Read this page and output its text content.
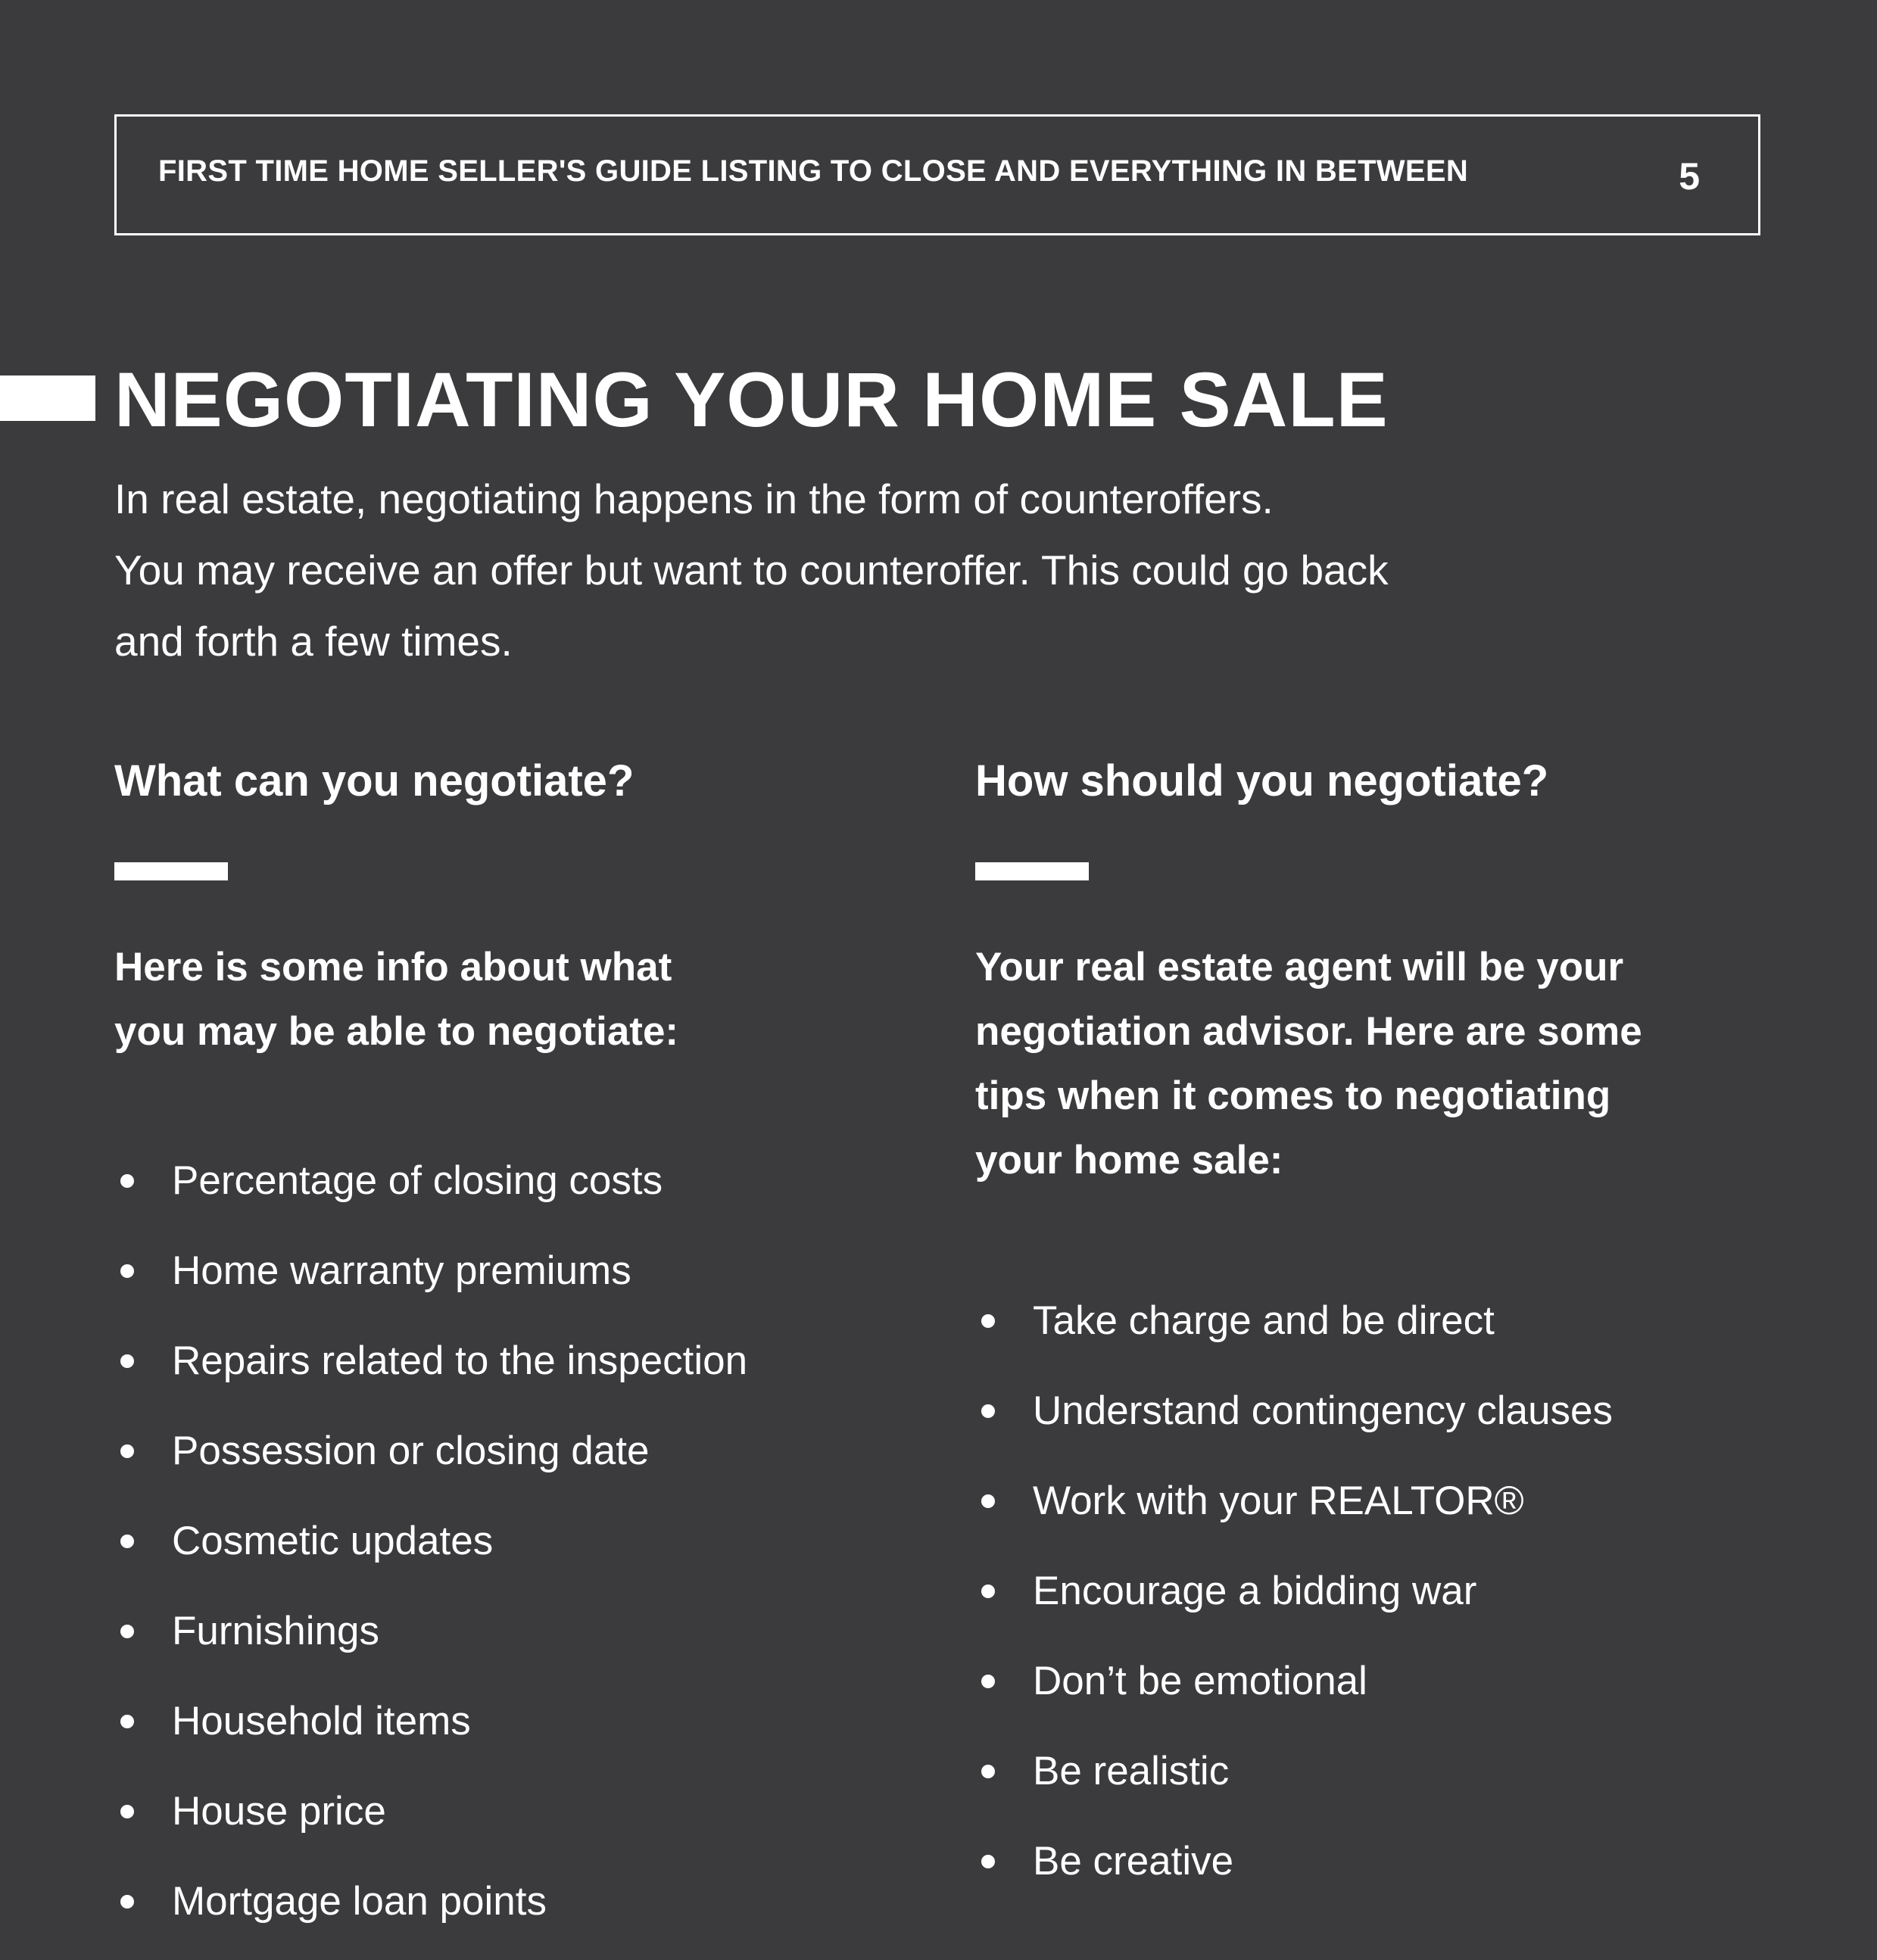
FIRST TIME HOME SELLER'S GUIDE LISTING TO CLOSE AND EVERYTHING IN BETWEEN	5
NEGOTIATING YOUR HOME SALE

In real estate, negotiating happens in the form of counteroffers.

You may receive an offer but want to counteroffer. This could go back

and forth a few times.

What can you negotiate?

Here is some info about what
you may be able to negotiate:

Percentage of closing costs
Home warranty premiums
Repairs related to the inspection
Possession or closing date
Cosmetic updates
Furnishings
Household items
House price
Mortgage loan points
How should you negotiate?

Your real estate agent will be your
negotiation advisor. Here are some
tips when it comes to negotiating
your home sale:

Take charge and be direct
Understand contingency clauses
Work with your REALTOR®
Encourage a bidding war
Don’t be emotional
Be realistic
Be creative
